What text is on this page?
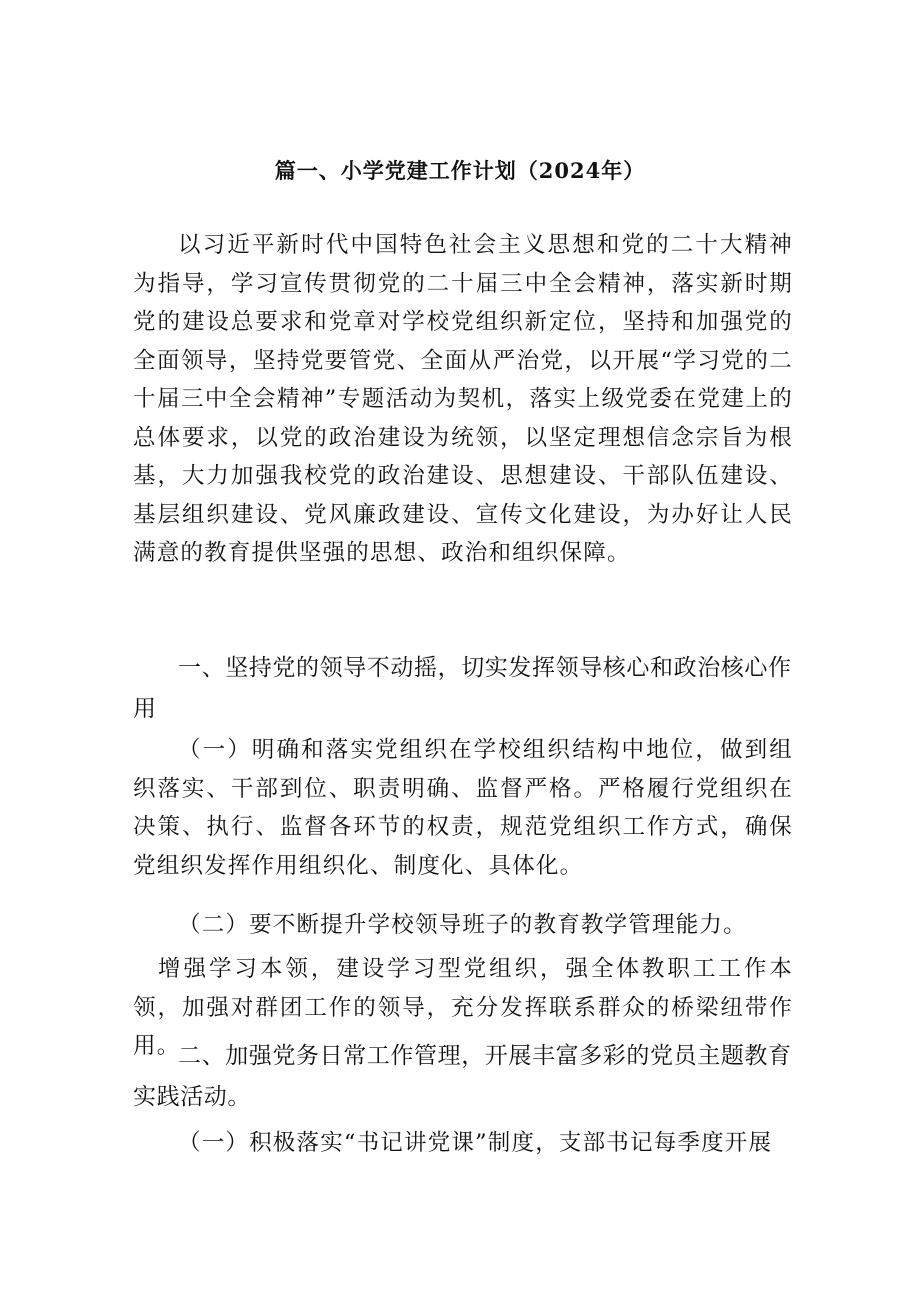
篇一、小学党建工作计划（2024年）
以习近平新时代中国特色社会主义思想和党的二十大精神为指导，学习宣传贯彻党的二十届三中全会精神，落实新时期党的建设总要求和党章对学校党组织新定位，坚持和加强党的全面领导，坚持党要管党、全面从严治党，以开展“学习党的二十届三中全会精神”专题活动为契机，落实上级党委在党建上的总体要求，以党的政治建设为统领，以坚定理想信念宗旨为根基，大力加强我校党的政治建设、思想建设、干部队伍建设、基层组织建设、党风廉政建设、宣传文化建设，为办好让人民满意的教育提供坚强的思想、政治和组织保障。
一、坚持党的领导不动摇，切实发挥领导核心和政治核心作用
（一）明确和落实党组织在学校组织结构中地位，做到组织落实、干部到位、职责明确、监督严格。严格履行党组织在决策、执行、监督各环节的权责，规范党组织工作方式，确保党组织发挥作用组织化、制度化、具体化。
（二）要不断提升学校领导班子的教育教学管理能力。
增强学习本领，建设学习型党组织，强全体教职工工作本领，加强对群团工作的领导，充分发挥联系群众的桥梁纽带作用。
二、加强党务日常工作管理，开展丰富多彩的党员主题教育实践活动。
（一）积极落实“书记讲党课”制度，支部书记每季度开展
